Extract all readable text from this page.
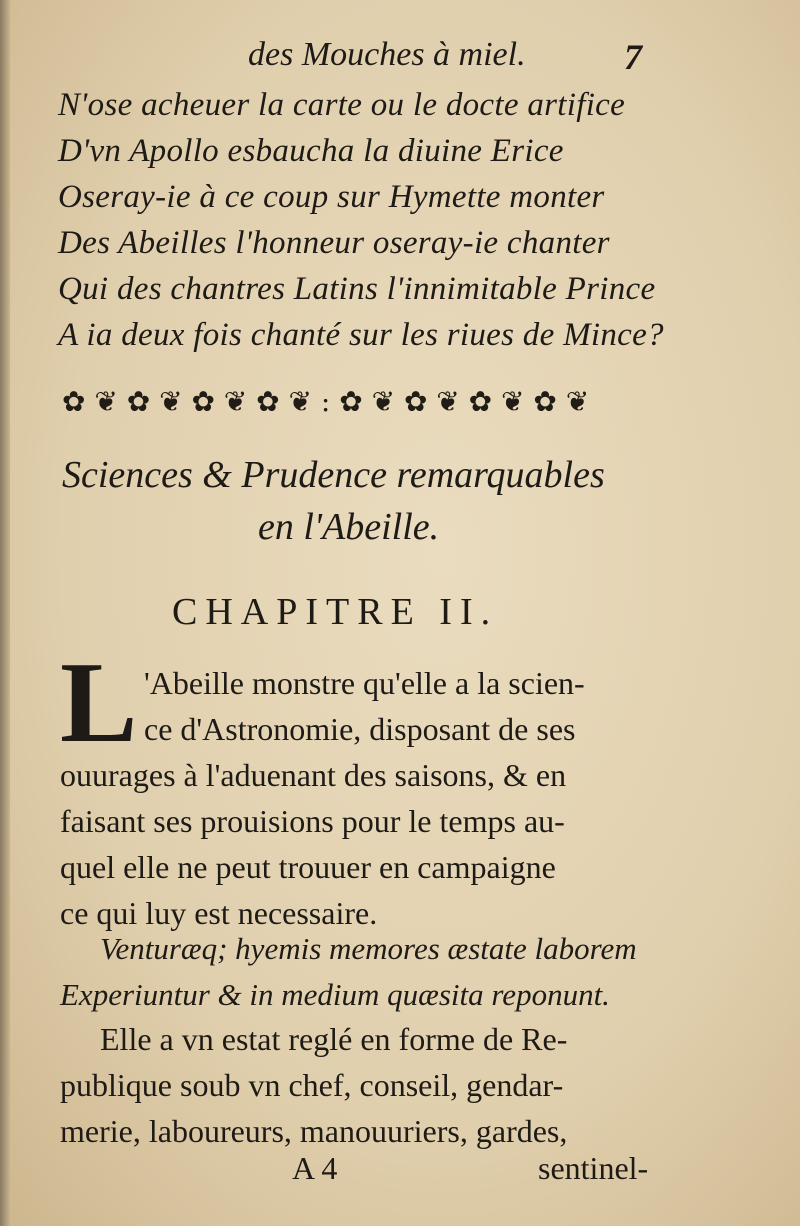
des Mouches à miel.	7
N'ose acheuer la carte ou le docte artifice
D'vn Apollo esbaucha la diuine Erice
Oseray-ie à ce coup sur Hymette monter
Des Abeilles l'honneur oseray-ie chanter
Qui des chantres Latins l'innimitable Prince
A ia deux fois chanté sur les riues de Mince?
✿ ❦ ✿ ❦ ✿ ❦ ✿ ❦ : ✿ ❦ ✿ ❦ ✿ ❦ ✿ ❦
Sciences & Prudence remarquables
en l'Abeille.
CHAPITRE II.
L 'Abeille monstre qu'elle a la scien-
ce d'Astronomie, disposant de ses
ouurages à l'aduenant des saisons, & en
faisant ses prouisions pour le temps au-
quel elle ne peut trouuer en campaigne
ce qui luy est necessaire.
Venturæq; hyemis memores æstate laborem
Experiuntur & in medium quæsita reponunt.
Elle a vn estat reglé en forme de Re-
publique soub vn chef, conseil, gendar-
merie, laboureurs, manouuriers, gardes,
A 4	sentinel-
